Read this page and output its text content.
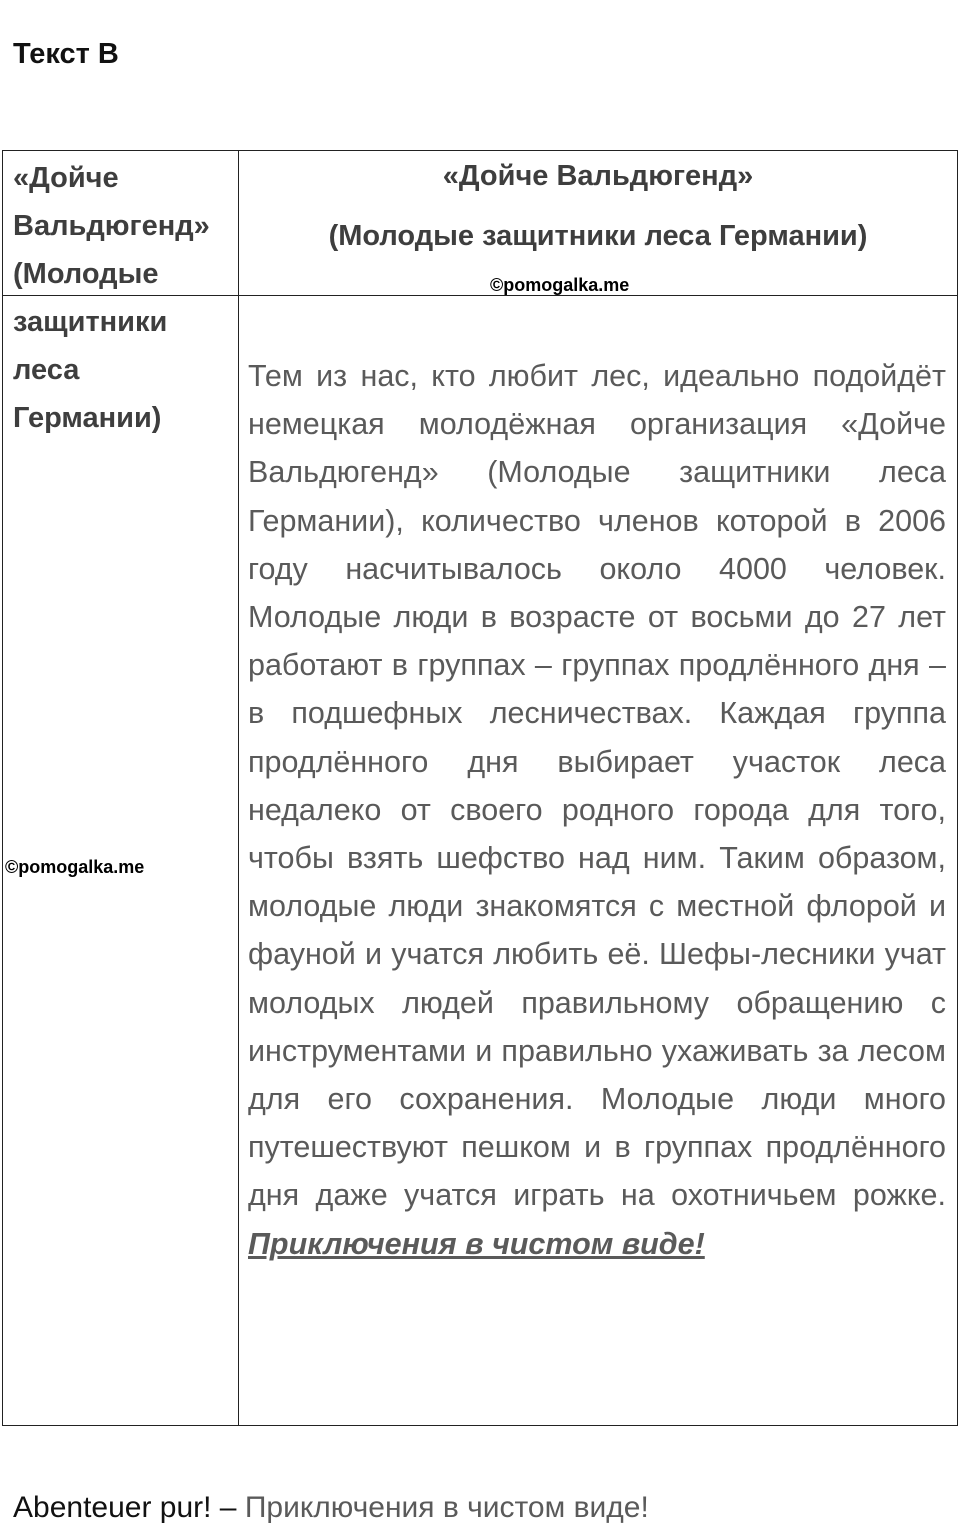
Текст B

«Дойче
Вальдюгенд»
(Молодые
защитники
леса
Германии)

«Дойче Вальдюгенд»
(Молодые защитники леса Германии)
©pomogalka.me
©pomogalka.me

Тем из нас, кто любит лес, идеально подойдёт немецкая молодёжная организация «Дойче Вальдюгенд» (Молодые защитники леса Германии), количество членов которой в 2006 году насчитывалось около 4000 человек. Молодые люди в возрасте от восьми до 27 лет работают в группах – группах продлённого дня – в подшефных лесничествах. Каждая группа продлённого дня выбирает участок леса недалеко от своего родного города для того, чтобы взять шефство над ним. Таким образом, молодые люди знакомятся с местной флорой и фауной и учатся любить её. Шефы-лесники учат молодых людей правильному обращению с инструментами и правильно ухаживать за лесом для его сохранения. Молодые люди много путешествуют пешком и в группах продлённого дня даже учатся играть на охотничьем рожке. Приключения в чистом виде!

Abenteuer pur! – Приключения в чистом виде!
